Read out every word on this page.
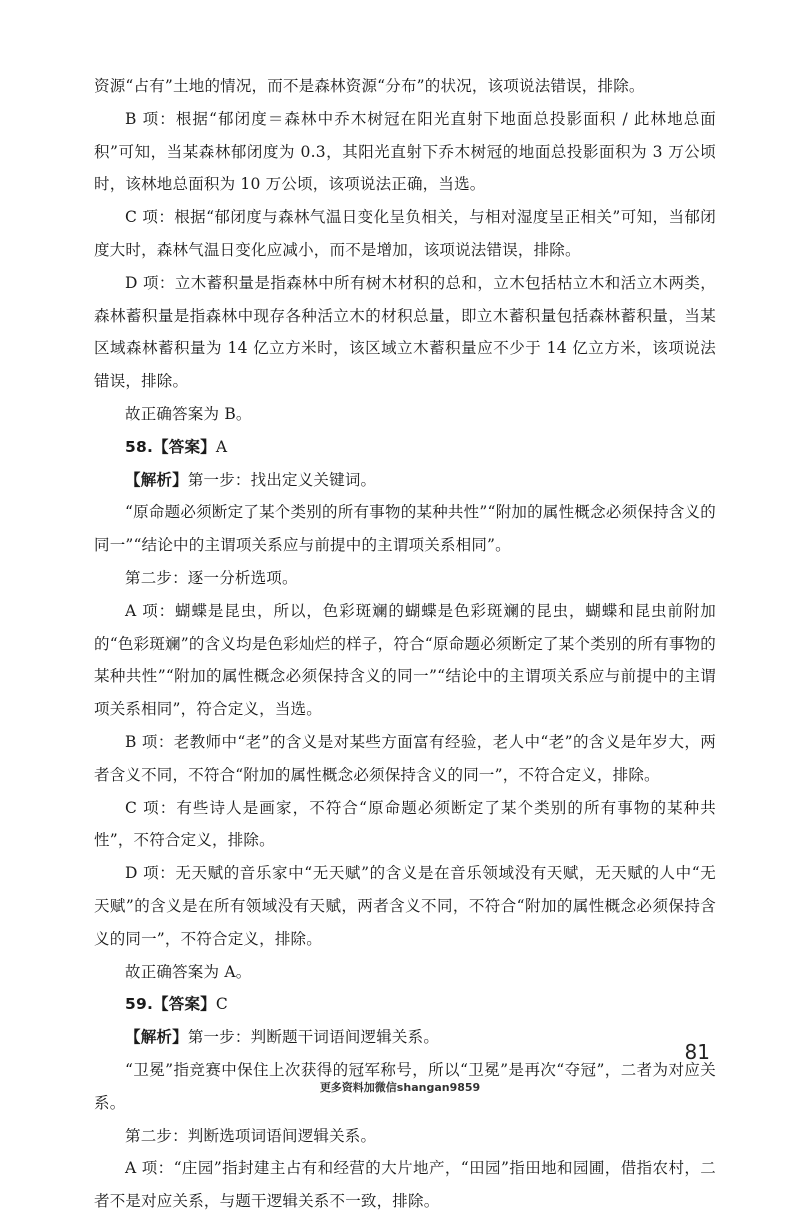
资源“占有”土地的情况，而不是森林资源“分布”的状况，该项说法错误，排除。

B 项：根据“郁闭度＝森林中乔木树冠在阳光直射下地面总投影面积 / 此林地总面积”可知，当某森林郁闭度为 0.3，其阳光直射下乔木树冠的地面总投影面积为 3 万公顷时，该林地总面积为 10 万公顷，该项说法正确，当选。

C 项：根据“郁闭度与森林气温日变化呈负相关，与相对湿度呈正相关”可知，当郁闭度大时，森林气温日变化应减小，而不是增加，该项说法错误，排除。

D 项：立木蓄积量是指森林中所有树木材积的总和，立木包括枯立木和活立木两类，森林蓄积量是指森林中现存各种活立木的材积总量，即立木蓄积量包括森林蓄积量，当某区域森林蓄积量为 14 亿立方米时，该区域立木蓄积量应不少于 14 亿立方米，该项说法错误，排除。

故正确答案为 B。

58.【答案】A

【解析】第一步：找出定义关键词。

“原命题必须断定了某个类别的所有事物的某种共性”“附加的属性概念必须保持含义的同一”“结论中的主谓项关系应与前提中的主谓项关系相同”。

第二步：逐一分析选项。

A 项：蝴蝶是昆虫，所以，色彩斑斓的蝴蝶是色彩斑斓的昆虫，蝴蝶和昆虫前附加的“色彩斑斓”的含义均是色彩灿烂的样子，符合“原命题必须断定了某个类别的所有事物的某种共性”“附加的属性概念必须保持含义的同一”“结论中的主谓项关系应与前提中的主谓项关系相同”，符合定义，当选。

B 项：老教师中“老”的含义是对某些方面富有经验，老人中“老”的含义是年岁大，两者含义不同，不符合“附加的属性概念必须保持含义的同一”，不符合定义，排除。

C 项：有些诗人是画家，不符合“原命题必须断定了某个类别的所有事物的某种共性”，不符合定义，排除。

D 项：无天赋的音乐家中“无天赋”的含义是在音乐领域没有天赋，无天赋的人中“无天赋”的含义是在所有领域没有天赋，两者含义不同，不符合“附加的属性概念必须保持含义的同一”，不符合定义，排除。

故正确答案为 A。

59.【答案】C

【解析】第一步：判断题干词语间逻辑关系。

“卫冕”指竞赛中保住上次获得的冠军称号，所以“卫冕”是再次“夺冠”，二者为对应关系。

第二步：判断选项词语间逻辑关系。

A 项：“庄园”指封建主占有和经营的大片地产，“田园”指田地和园圃，借指农村，二者不是对应关系，与题干逻辑关系不一致，排除。

81
更多资料加微信shangan9859
